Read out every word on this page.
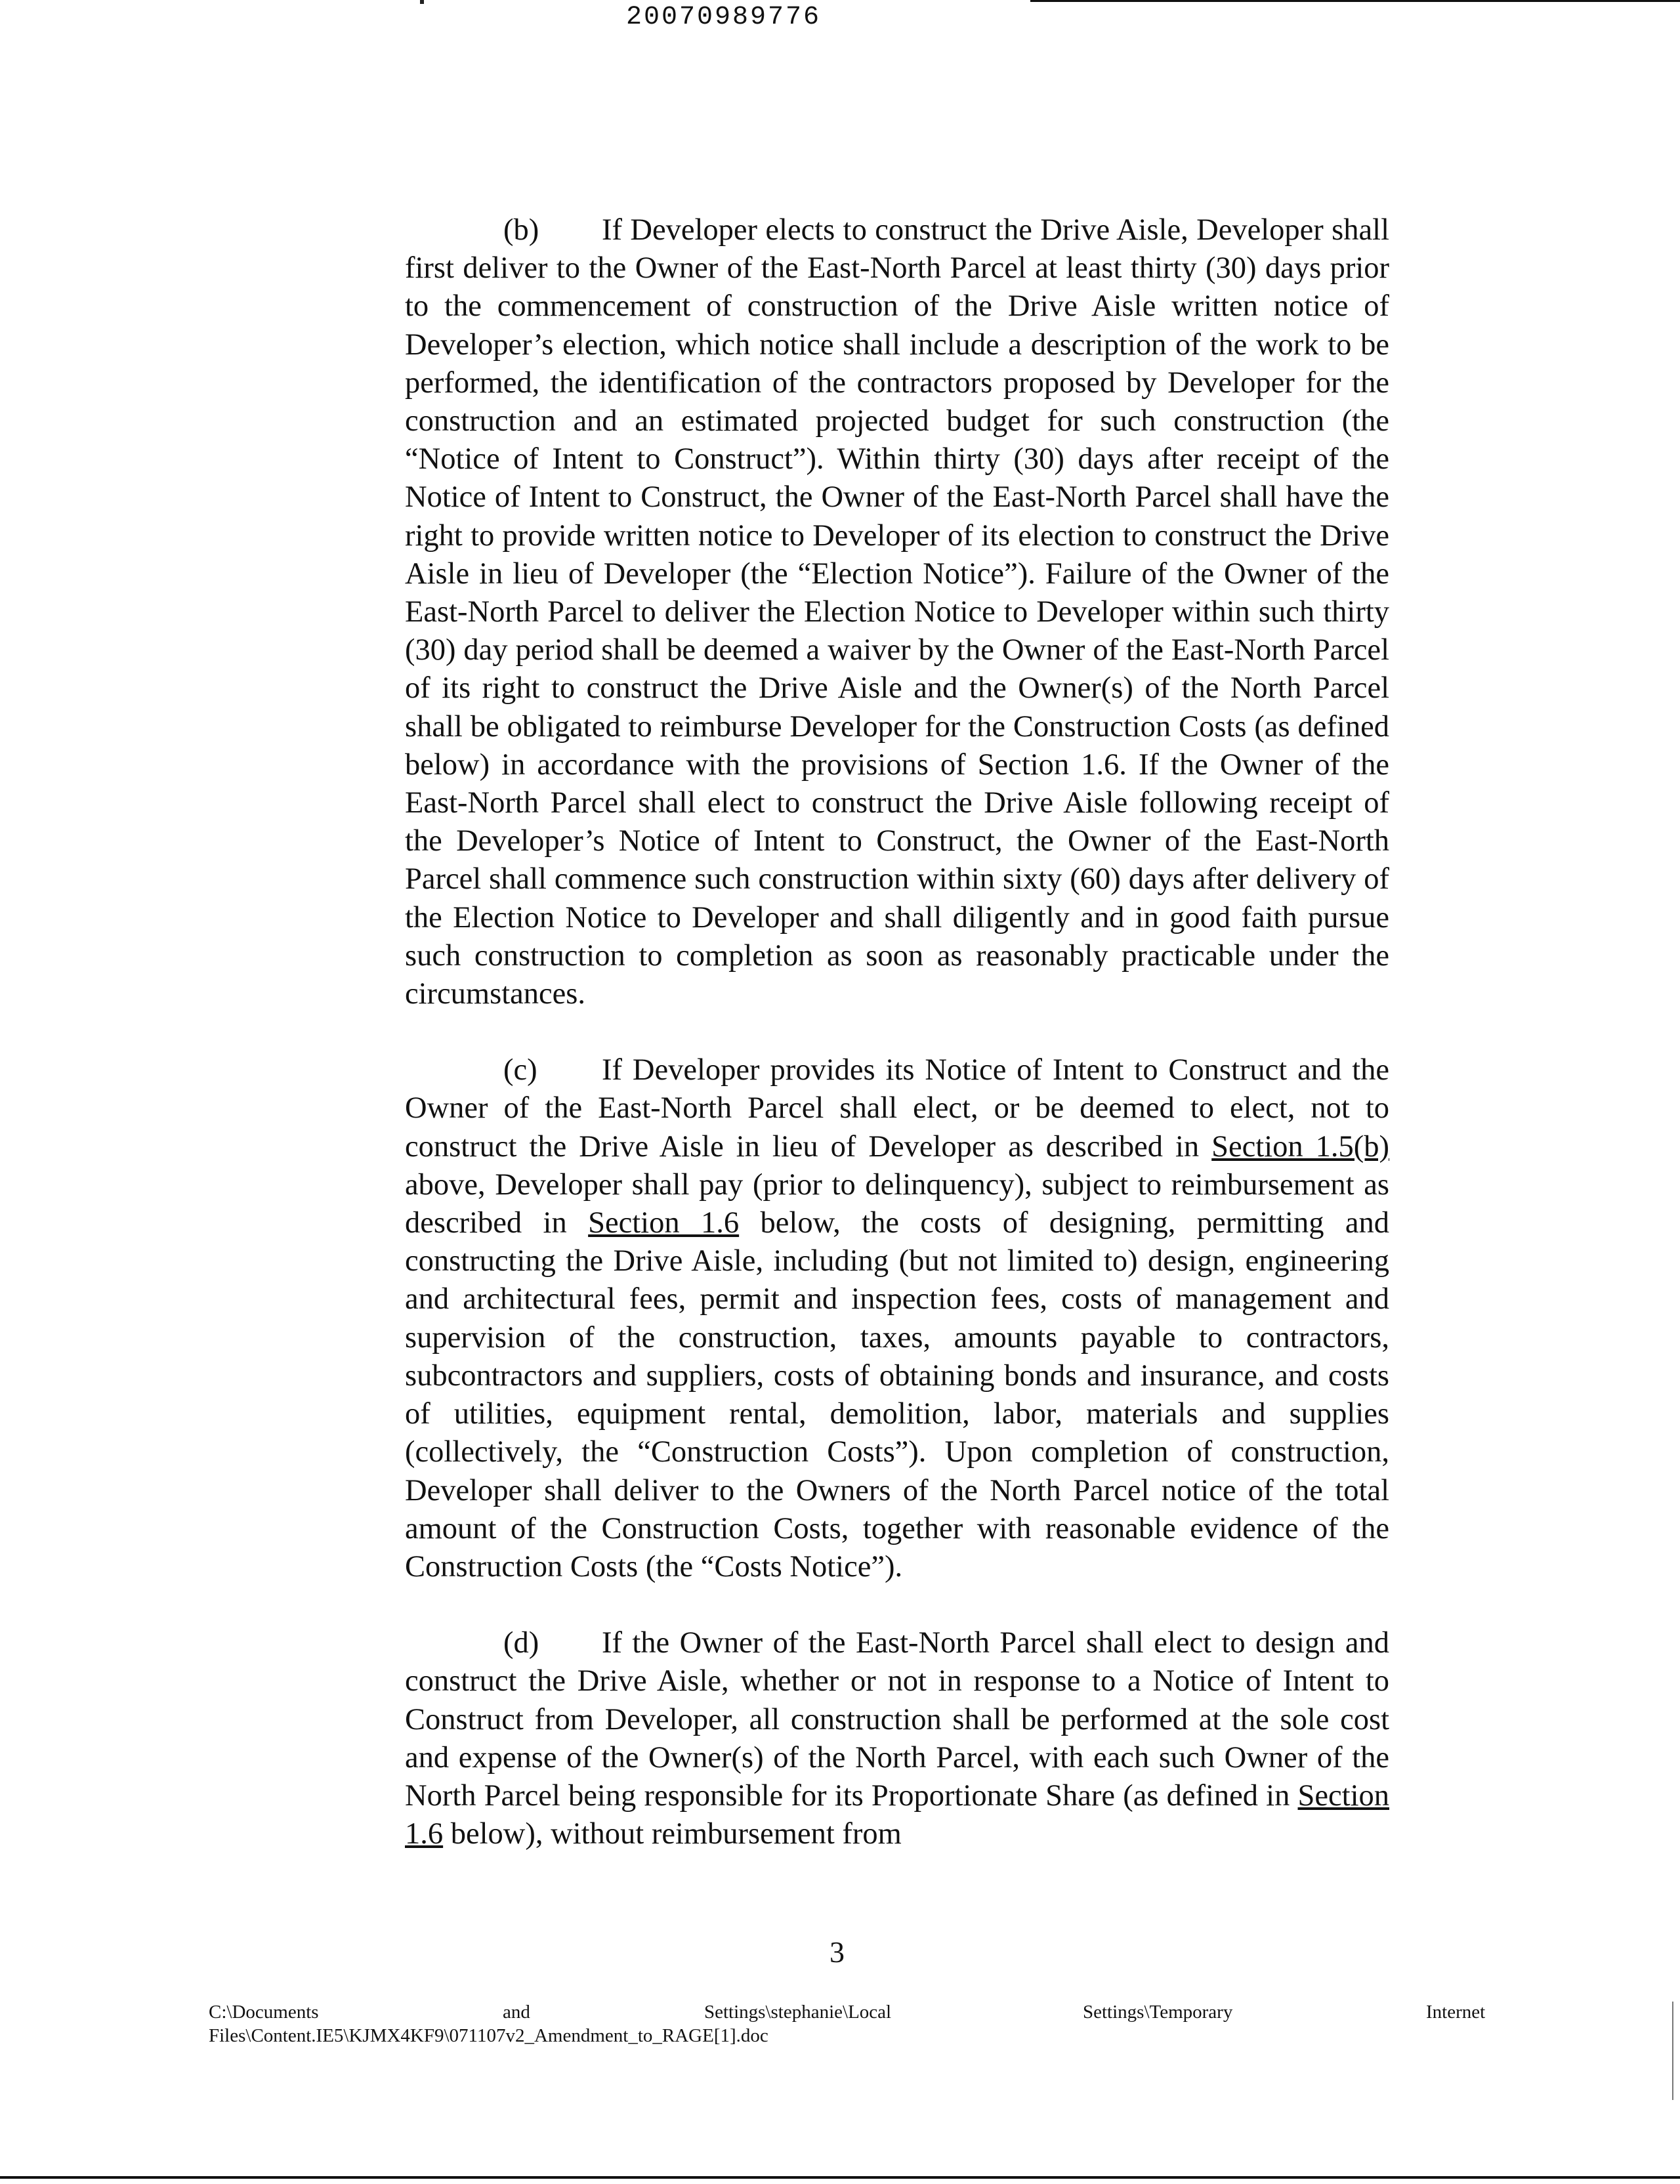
20070989776

(b) If Developer elects to construct the Drive Aisle, Developer shall first deliver to the Owner of the East-North Parcel at least thirty (30) days prior to the commencement of construction of the Drive Aisle written notice of Developer’s election, which notice shall include a description of the work to be performed, the identification of the contractors proposed by Developer for the construction and an estimated projected budget for such construction (the “Notice of Intent to Construct”). Within thirty (30) days after receipt of the Notice of Intent to Construct, the Owner of the East-North Parcel shall have the right to provide written notice to Developer of its election to construct the Drive Aisle in lieu of Developer (the “Election Notice”). Failure of the Owner of the East-North Parcel to deliver the Election Notice to Developer within such thirty (30) day period shall be deemed a waiver by the Owner of the East-North Parcel of its right to construct the Drive Aisle and the Owner(s) of the North Parcel shall be obligated to reimburse Developer for the Construction Costs (as defined below) in accordance with the provisions of Section 1.6. If the Owner of the East-North Parcel shall elect to construct the Drive Aisle following receipt of the Developer’s Notice of Intent to Construct, the Owner of the East-North Parcel shall commence such construction within sixty (60) days after delivery of the Election Notice to Developer and shall diligently and in good faith pursue such construction to completion as soon as reasonably practicable under the circumstances.

(c) If Developer provides its Notice of Intent to Construct and the Owner of the East-North Parcel shall elect, or be deemed to elect, not to construct the Drive Aisle in lieu of Developer as described in Section 1.5(b) above, Developer shall pay (prior to delinquency), subject to reimbursement as described in Section 1.6 below, the costs of designing, permitting and constructing the Drive Aisle, including (but not limited to) design, engineering and architectural fees, permit and inspection fees, costs of management and supervision of the construction, taxes, amounts payable to contractors, subcontractors and suppliers, costs of obtaining bonds and insurance, and costs of utilities, equipment rental, demolition, labor, materials and supplies (collectively, the “Construction Costs”). Upon completion of construction, Developer shall deliver to the Owners of the North Parcel notice of the total amount of the Construction Costs, together with reasonable evidence of the Construction Costs (the “Costs Notice”).

(d) If the Owner of the East-North Parcel shall elect to design and construct the Drive Aisle, whether or not in response to a Notice of Intent to Construct from Developer, all construction shall be performed at the sole cost and expense of the Owner(s) of the North Parcel, with each such Owner of the North Parcel being responsible for its Proportionate Share (as defined in Section 1.6 below), without reimbursement from

3
C:\Documents	and	Settings\stephanie\Local	Settings\Temporary	Internet
Files\Content.IE5\KJMX4KF9\071107v2_Amendment_to_RAGE[1].doc
